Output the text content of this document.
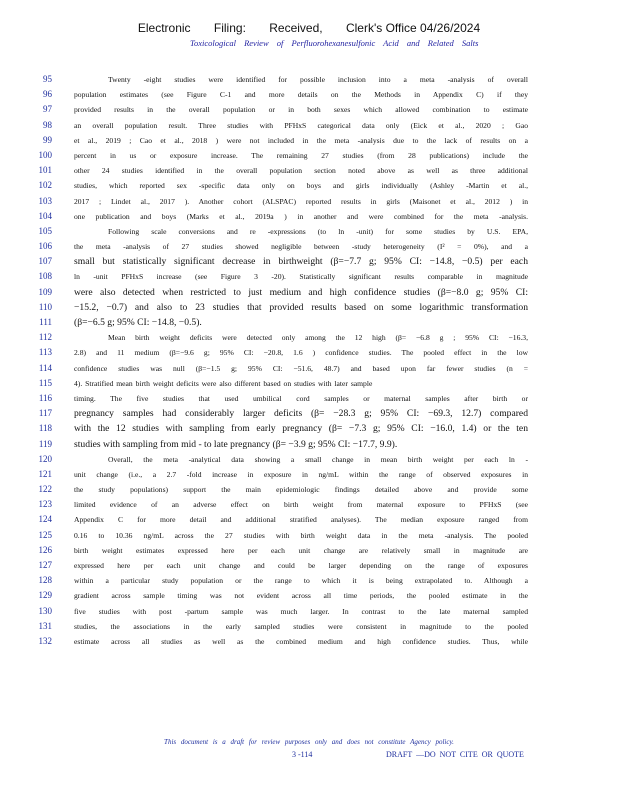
Electronic Filing: Received, Clerk's Office 04/26/2024
Toxicological Review of Perfluorohexanesulfonic Acid and Related Salts
95	Twenty -eight studies were identified for possible inclusion into a meta -analysis of overall
96	population estimates (see Figure C-1 and more details on the Methods in Appendix C) if they
97	provided results in the overall population or in both sexes which allowed combination to estimate
98	an overall population result. Three studies with PFHxS categorical data only (Eick et al., 2020 ; Gao
99	et al., 2019 ; Cao et al., 2018 ) were not included in the meta -analysis due to the lack of results on a
100	percent in us or exposure increase. The remaining 27 studies (from 28 publications) include the
101	other 24 studies identified in the overall population section noted above as well as three additional
102	studies, which reported sex -specific data only on boys and girls individually (Ashley -Martin et al.,
103	2017 ; Lindet al., 2017 ). Another cohort (ALSPAC) reported results in girls (Maisonet et al., 2012 ) in
104	one publication and boys (Marks et al., 2019a ) in another and were combined for the meta -analysis.
105	Following scale conversions and re -expressions (to ln -unit) for some studies by U.S. EPA,
106	the meta -analysis of 27 studies showed negligible between -study heterogeneity (I² = 0%), and a
107 small but statistically significant decrease in birthweight (β=−7.7 g; 95% CI: −14.8, −0.5) per each
108	ln -unit PFHxS increase (see Figure 3 -20). Statistically significant results comparable in magnitude
109 were also detected when restricted to just medium and high confidence studies (β=−8.0 g; 95% CI:
110 −15.2, −0.7) and also to 23 studies that provided results based on some logarithmic transformation
111 (β=−6.5 g; 95% CI: −14.8, −0.5).
112	Mean birth weight deficits were detected only among the 12 high (β= −6.8 g ; 95% CI: −16.3,
113	2.8) and 11 medium (β=−9.6 g; 95% CI: −20.8, 1.6 ) confidence studies. The pooled effect in the low
114	confidence studies was null (β=−1.5 g; 95% CI: −51.6, 48.7) and based upon far fewer studies (n =
115	4). Stratified mean birth weight deficits were also different based on studies with later sample
116	timing. The five studies that used umbilical cord samples or maternal samples after birth or
117 pregnancy samples had considerably larger deficits (β= −28.3 g; 95% CI: −69.3, 12.7) compared
118 with the 12 studies with sampling from early pregnancy (β= −7.3 g; 95% CI: −16.0, 1.4) or the ten
119 studies with sampling from mid - to late pregnancy (β= −3.9 g; 95% CI: −17.7, 9.9).
120	Overall, the meta -analytical data showing a small change in mean birth weight per each ln -
121	unit change (i.e., a 2.7 -fold increase in exposure in ng/mL within the range of observed exposures in
122	the study populations) support the main epidemiologic findings detailed above and provide some
123	limited evidence of an adverse effect on birth weight from maternal exposure to PFHxS (see
124	Appendix C for more detail and additional stratified analyses). The median exposure ranged from
125	0.16 to 10.36 ng/mL across the 27 studies with birth weight data in the meta -analysis. The pooled
126	birth weight estimates expressed here per each unit change are relatively small in magnitude are
127	expressed here per each unit change and could be larger depending on the range of exposures
128	within a particular study population or the range to which it is being extrapolated to. Although a
129	gradient across sample timing was not evident across all time periods, the pooled estimate in the
130	five studies with post -partum sample was much larger. In contrast to the late maternal sampled
131	studies, the associations in the early sampled studies were consistent in magnitude to the pooled
132	estimate across all studies as well as the combined medium and high confidence studies. Thus, while
This document is a draft for review purposes only and does not constitute Agency policy.
3 -114	DRAFT —DO NOT CITE OR QUOTE
